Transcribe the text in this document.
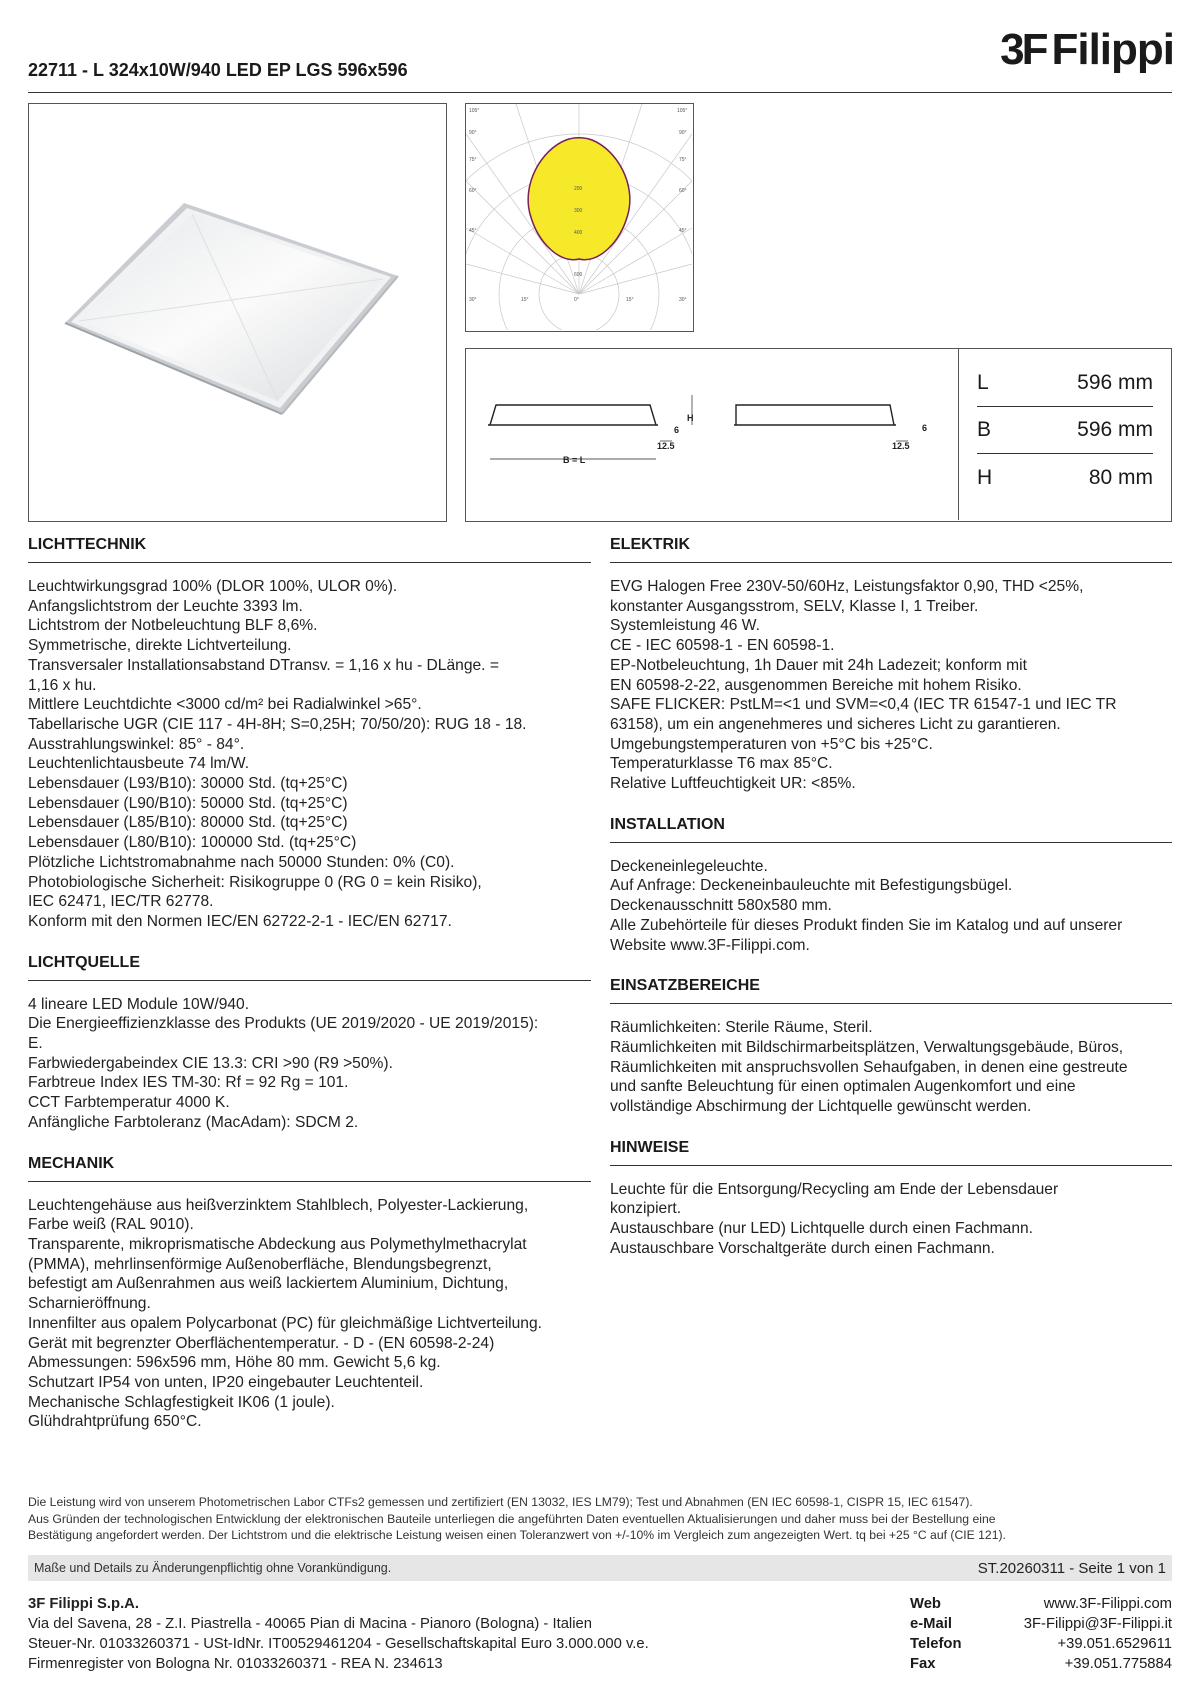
22711 - L 324x10W/940 LED EP LGS 596x596	3F Filippi
105°
90°
75°
60°
45°
105°
90°
75°
60°
45°
30°	15°	0°	15°	30°
200
300
400
600
B = L
H
6
12.5
6
12.5
L	596 mm
B	596 mm
H	80 mm
LICHTTECHNIK
Leuchtwirkungsgrad 100% (DLOR 100%, ULOR 0%).
Anfangslichtstrom der Leuchte 3393 lm.
Lichtstrom der Notbeleuchtung BLF 8,6%.
Symmetrische, direkte Lichtverteilung.
Transversaler Installationsabstand DTransv. = 1,16 x hu - DLänge. =
1,16 x hu.
Mittlere Leuchtdichte <3000 cd/m² bei Radialwinkel >65°.
Tabellarische UGR (CIE 117 - 4H-8H; S=0,25H; 70/50/20): RUG 18 - 18.
Ausstrahlungswinkel: 85° - 84°.
Leuchtenlichtausbeute 74 lm/W.
Lebensdauer (L93/B10): 30000 Std. (tq+25°C)
Lebensdauer (L90/B10): 50000 Std. (tq+25°C)
Lebensdauer (L85/B10): 80000 Std. (tq+25°C)
Lebensdauer (L80/B10): 100000 Std. (tq+25°C)
Plötzliche Lichtstromabnahme nach 50000 Stunden: 0% (C0).
Photobiologische Sicherheit: Risikogruppe 0 (RG 0 = kein Risiko),
IEC 62471, IEC/TR 62778.
Konform mit den Normen IEC/EN 62722-2-1 - IEC/EN 62717.
LICHTQUELLE
4 lineare LED Module 10W/940.
Die Energieeffizienzklasse des Produkts (UE 2019/2020 - UE 2019/2015):
E.
Farbwiedergabeindex CIE 13.3: CRI >90 (R9 >50%).
Farbtreue Index IES TM-30: Rf = 92 Rg = 101.
CCT Farbtemperatur 4000 K.
Anfängliche Farbtoleranz (MacAdam): SDCM 2.
MECHANIK
Leuchtengehäuse aus heißverzinktem Stahlblech, Polyester-Lackierung,
Farbe weiß (RAL 9010).
Transparente, mikroprismatische Abdeckung aus Polymethylmethacrylat
(PMMA), mehrlinsenförmige Außenoberfläche, Blendungsbegrenzt,
befestigt am Außenrahmen aus weiß lackiertem Aluminium, Dichtung,
Scharnieröffnung.
Innenfilter aus opalem Polycarbonat (PC) für gleichmäßige Lichtverteilung.
Gerät mit begrenzter Oberflächentemperatur. - D - (EN 60598-2-24)
Abmessungen: 596x596 mm, Höhe 80 mm. Gewicht 5,6 kg.
Schutzart IP54 von unten, IP20 eingebauter Leuchtenteil.
Mechanische Schlagfestigkeit IK06 (1 joule).
Glühdrahtprüfung 650°C.
ELEKTRIK
EVG Halogen Free 230V-50/60Hz, Leistungsfaktor 0,90, THD <25%,
konstanter Ausgangsstrom, SELV, Klasse I, 1 Treiber.
Systemleistung 46 W.
CE - IEC 60598-1 - EN 60598-1.
EP-Notbeleuchtung, 1h Dauer mit 24h Ladezeit; konform mit
EN 60598-2-22, ausgenommen Bereiche mit hohem Risiko.
SAFE FLICKER: PstLM=<1 und SVM=<0,4 (IEC TR 61547-1 und IEC TR
63158), um ein angenehmeres und sicheres Licht zu garantieren.
Umgebungstemperaturen von +5°C bis +25°C.
Temperaturklasse T6 max 85°C.
Relative Luftfeuchtigkeit UR: <85%.
INSTALLATION
Deckeneinlegeleuchte.
Auf Anfrage: Deckeneinbauleuchte mit Befestigungsbügel.
Deckenausschnitt 580x580 mm.
Alle Zubehörteile für dieses Produkt finden Sie im Katalog und auf unserer
Website www.3F-Filippi.com.
EINSATZBEREICHE
Räumlichkeiten: Sterile Räume, Steril.
Räumlichkeiten mit Bildschirmarbeitsplätzen, Verwaltungsgebäude, Büros,
Räumlichkeiten mit anspruchsvollen Sehaufgaben, in denen eine gestreute
und sanfte Beleuchtung für einen optimalen Augenkomfort und eine
vollständige Abschirmung der Lichtquelle gewünscht werden.
HINWEISE
Leuchte für die Entsorgung/Recycling am Ende der Lebensdauer
konzipiert.
Austauschbare (nur LED) Lichtquelle durch einen Fachmann.
Austauschbare Vorschaltgeräte durch einen Fachmann.
Die Leistung wird von unserem Photometrischen Labor CTFs2 gemessen und zertifiziert (EN 13032, IES LM79); Test und Abnahmen (EN IEC 60598-1, CISPR 15, IEC 61547).
Aus Gründen der technologischen Entwicklung der elektronischen Bauteile unterliegen die angeführten Daten eventuellen Aktualisierungen und daher muss bei der Bestellung eine
Bestätigung angefordert werden. Der Lichtstrom und die elektrische Leistung weisen einen Toleranzwert von +/-10% im Vergleich zum angezeigten Wert. tq bei +25 °C auf (CIE 121).
Maße und Details zu Änderungenpflichtig ohne Vorankündigung.	ST.20260311 - Seite 1 von 1
3F Filippi S.p.A.
Via del Savena, 28 - Z.I. Piastrella - 40065 Pian di Macina - Pianoro (Bologna) - Italien
Steuer-Nr. 01033260371 - USt-IdNr. IT00529461204 - Gesellschaftskapital Euro 3.000.000 v.e.
Firmenregister von Bologna Nr. 01033260371 - REA N. 234613
Web	www.3F-Filippi.com
e-Mail	3F-Filippi@3F-Filippi.it
Telefon	+39.051.6529611
Fax	+39.051.775884
